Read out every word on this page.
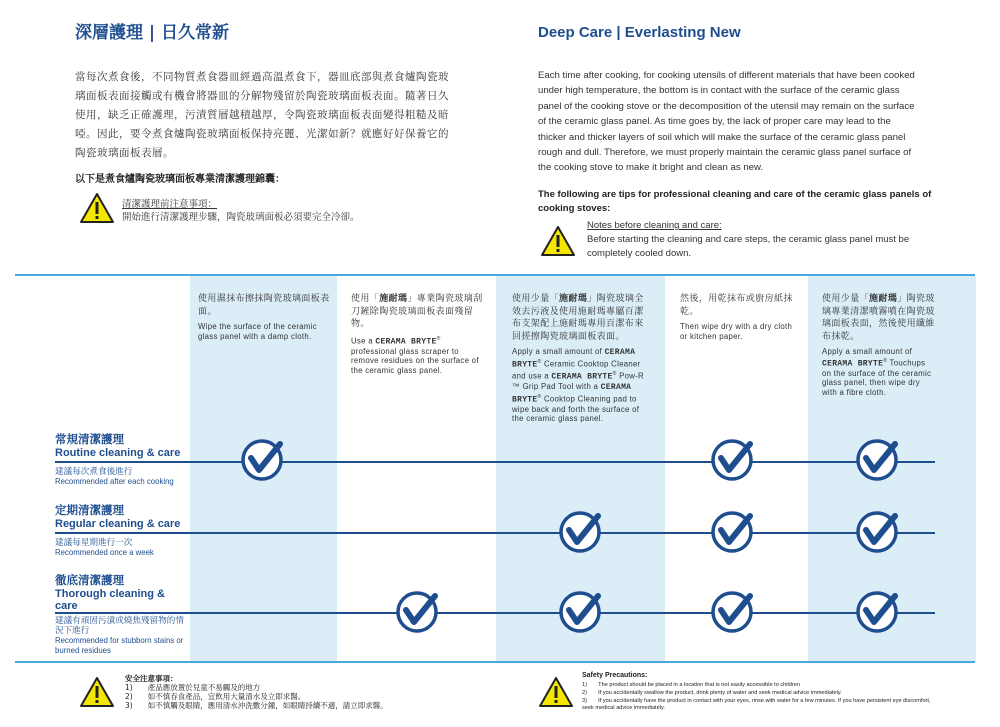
深層護理 | 日久常新
當每次煮食後，不同物質煮食器皿經過高溫煮食下，器皿底部與煮食爐陶瓷玻璃面板表面接觸或有機會將器皿的分解物殘留於陶瓷玻璃面板表面。隨著日久使用，缺乏正確護理，污漬質層越積越厚，令陶瓷玻璃面板表面變得粗糙及暗啞。因此，要令煮食爐陶瓷玻璃面板保持亮麗、光潔如新？就應好好保養它的陶瓷玻璃面板表層。
以下是煮食爐陶瓷玻璃面板專業清潔護理錦囊：
清潔護理前注意事項：
開始進行清潔護理步驟，陶瓷玻璃面板必須要完全冷卻。
Deep Care | Everlasting New
Each time after cooking, for cooking utensils of different materials that have been cooked under high temperature, the bottom is in contact with the surface of the ceramic glass panel of the cooking stove or the decomposition of the utensil may remain on the surface of the ceramic glass panel. As time goes by, the lack of proper care may lead to the thicker and thicker layers of soil which will make the surface of the ceramic glass panel rough and dull. Therefore, we must properly maintain the ceramic glass panel surface of the cooking stove to make it bright and clean as new.
The following are tips for professional cleaning and care of the ceramic glass panels of cooking stoves:
Notes before cleaning and care:
Before starting the cleaning and care steps, the ceramic glass panel must be completely cooled down.
使用濕抹布擦抹陶瓷玻璃面板表面。
Wipe the surface of the ceramic glass panel with a damp cloth.
使用「施耐瑪」專業陶瓷玻璃刮刀鏟除陶瓷玻璃面板表面殘留物。
Use a CERAMA BRYTE® professional glass scraper to remove residues on the surface of the ceramic glass panel.
使用少量「施耐瑪」陶瓷玻璃全效去污液及使用施耐瑪專屬百潔布支架配上施耐瑪專用百潔布來回搓擦陶瓷玻璃面板表面。
Apply a small amount of CERAMA BRYTE® Ceramic Cooktop Cleaner and use a CERAMA BRYTE® Pow-R ™ Grip Pad Tool with a CERAMA BRYTE® Cooktop Cleaning pad to wipe back and forth the surface of the ceramic glass panel.
然後，用乾抹布或廚房紙抹乾。
Then wipe dry with a dry cloth or kitchen paper.
使用少量「施耐瑪」陶瓷玻璃專業清潔噴霧噴在陶瓷玻璃面板表面，然後使用纖維布抹乾。
Apply a small amount of CERAMA BRYTE® Touchups on the surface of the ceramic glass panel, then wipe dry with a fibre cloth.
常規清潔護理
Routine cleaning & care
建議每次煮食後進行
Recommended after each cooking
定期清潔護理
Regular cleaning & care
建議每星期進行一次
Recommended once a week
徹底清潔護理
Thorough cleaning & care
建議有頑固污漬或燒焦殘留物的情況下進行
Recommended for stubborn stains or burned residues
安全注意事項：
1)　　產品應放置於兒童不易觸及的地方
2)　　如不慎吞食產品，宜飲用大量清水及立即求醫。
3)　　如不慎觸及眼睛，應用清水沖洗數分鐘，如眼睛持續不適，請立即求醫。
Safety Precautions:
1)　　The product should be placed in a location that is not easily accessible to children
2)　　If you accidentally swallow the product, drink plenty of water and seek medical advice immediately.
3)　　If you accidentally have the product in contact with your eyes, rinse with water for a few minutes. If you have persistent eye discomfort, seek medical advice immediately.
